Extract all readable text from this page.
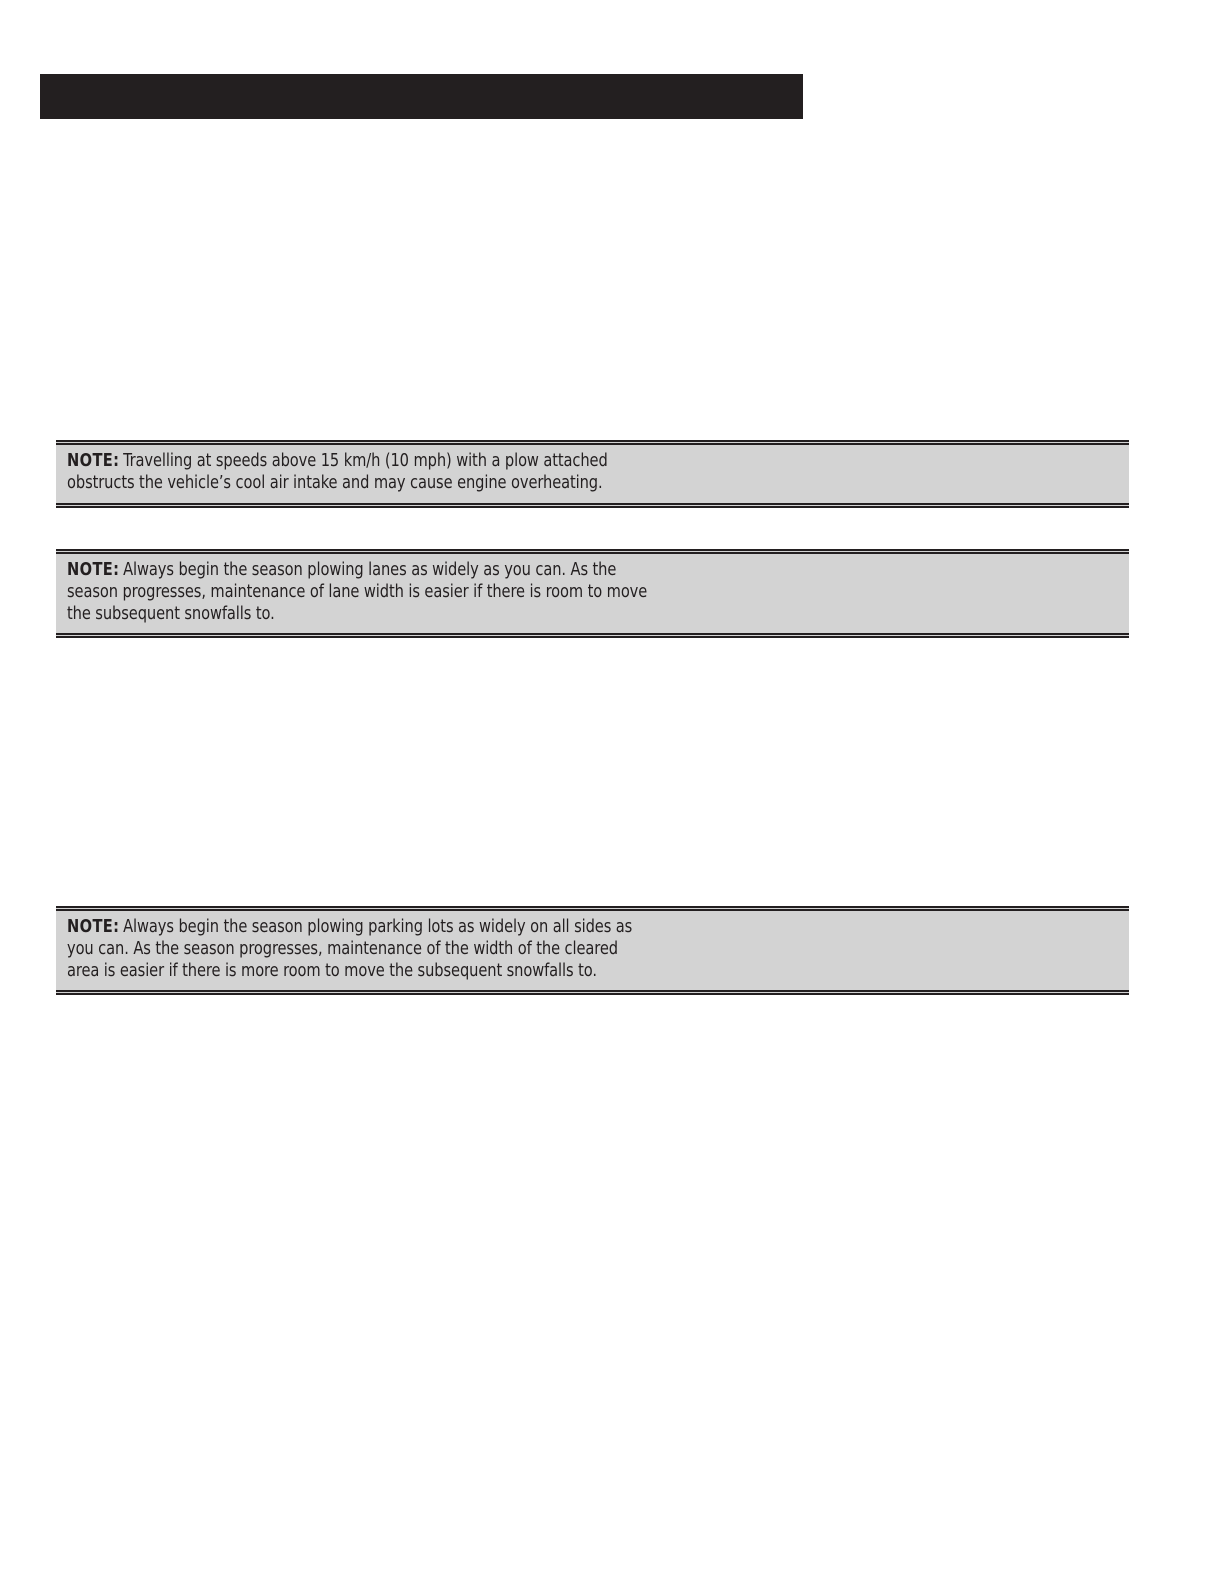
NOTE: Travelling at speeds above 15 km/h (10 mph) with a plow attached
obstructs the vehicle’s cool air intake and may cause engine overheating.
NOTE: Always begin the season plowing lanes as widely as you can. As the
season progresses, maintenance of lane width is easier if there is room to move
the subsequent snowfalls to.
NOTE: Always begin the season plowing parking lots as widely on all sides as
you can. As the season progresses, maintenance of the width of the cleared
area is easier if there is more room to move the subsequent snowfalls to.
